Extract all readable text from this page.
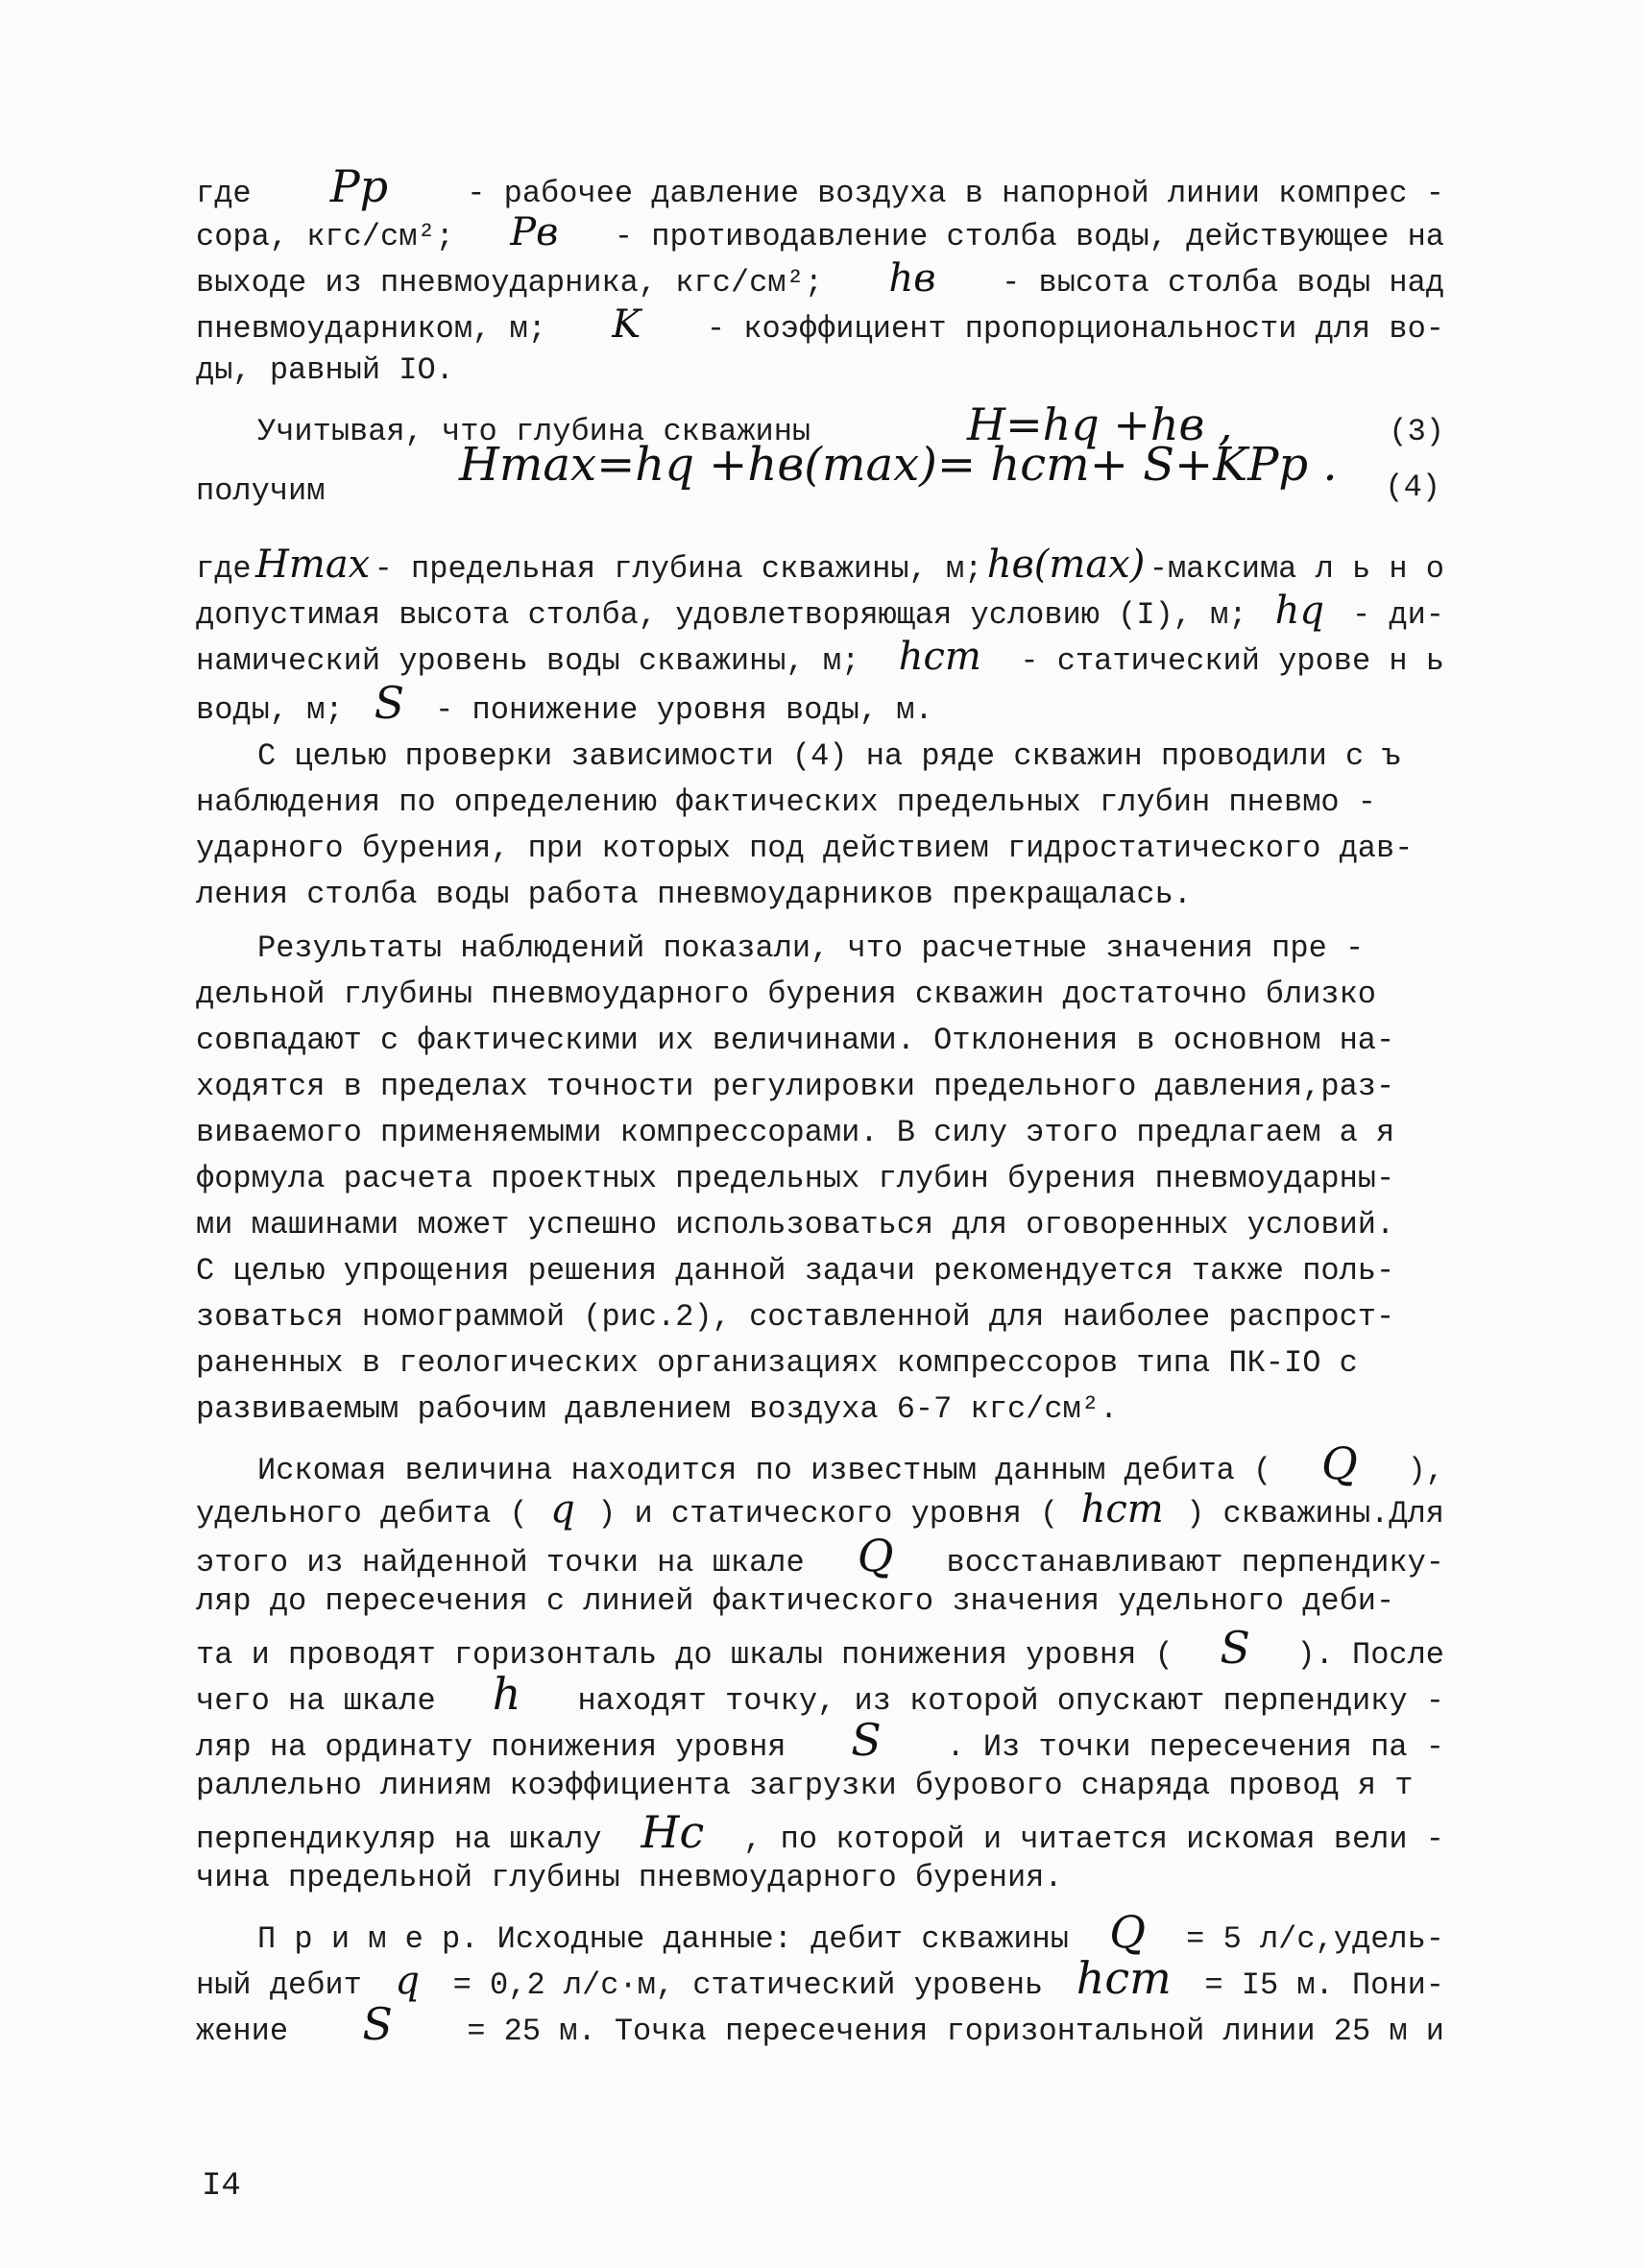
где Pp	- рабочее давление воздуха в напорной линии компрес -
сора, кгс/см²; Pв - противодавление столба воды, действующее на
выходе из пневмоударника, кгс/см²; hв - высота столба воды над
пневмоударником, м; K - коэффициент пропорциональности для во-
ды, равный IO.
Учитывая, что глубина скважины	H=hq +hв ,	(3)
получим	Hmax=hq +hв(max)= hcm+ S+KPp . (4)
где Hmax - предельная глубина скважины, м; hв(max) -максима л ь н о
допустимая высота столба, удовлетворяющая условию (I), м; hq - ди-
намический уровень воды скважины, м; hcm - статический урове н ь
воды, м; S - понижение уровня воды, м.
С целью проверки зависимости (4) на ряде скважин проводили с ъ
наблюдения по определению фактических предельных глубин пневмо -
ударного бурения, при которых под действием гидростатического дав-
ления столба воды работа пневмоударников прекращалась.
Результаты наблюдений показали, что расчетные значения пре -
дельной глубины пневмоударного бурения скважин достаточно близко
совпадают с фактическими их величинами. Отклонения в основном на-
ходятся в пределах точности регулировки предельного давления,раз-
виваемого применяемыми компрессорами. В силу этого предлагаем а я
формула расчета проектных предельных глубин бурения пневмоударны-
ми машинами может успешно использоваться для оговоренных условий.
С целью упрощения решения данной задачи рекомендуется также поль-
зоваться номограммой (рис.2), составленной для наиболее распрост-
раненных в геологических организациях компрессоров типа ПК-IO с
развиваемым рабочим давлением воздуха 6-7 кгс/см².
Искомая величина находится по известным данным дебита ( Q ),
удельного дебита ( q ) и статического уровня ( hcm ) скважины.Для
этого из найденной точки на шкале Q восстанавливают перпендику-
ляр до пересечения с линией фактического значения удельного деби-
та и проводят горизонталь до шкалы понижения уровня ( S ). После
чего на шкале h находят точку, из которой опускают перпендику -
ляр на ординату понижения уровня S . Из точки пересечения па -
раллельно линиям коэффициента загрузки бурового снаряда провод я т
перпендикуляр на шкалу Hc , по которой и читается искомая вели -
чина предельной глубины пневмоударного бурения.
П р и м е р. Исходные данные: дебит скважины Q = 5 л/с,удель-
ный дебит q = 0,2 л/с·м, статический уровень hcm = I5 м. Пони-
жение S = 25 м. Точка пересечения горизонтальной линии 25 м и
I4
